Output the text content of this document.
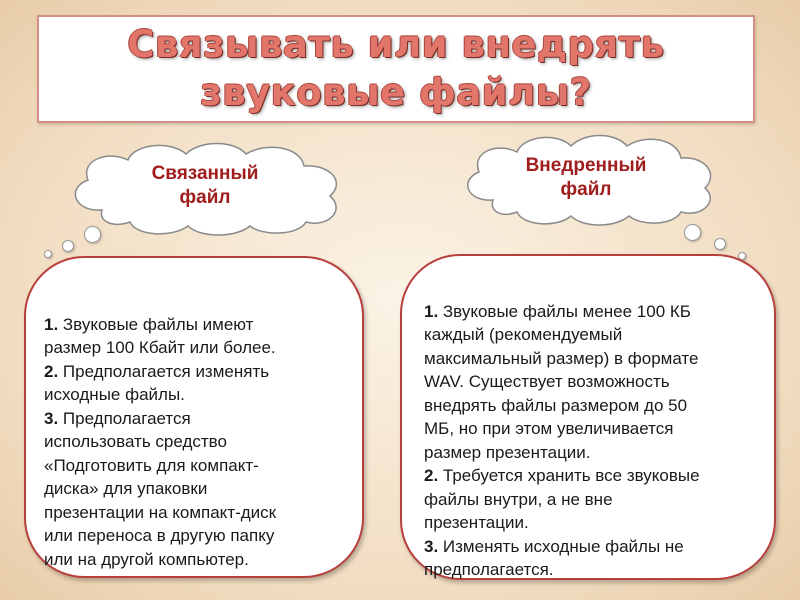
Связывать или внедрять звуковые файлы?
Связанный
файл
Внедренный
файл

1. Звуковые файлы имеют
размер 100 Кбайт или более.
2. Предполагается изменять
исходные файлы.
3. Предполагается
использовать средство
«Подготовить для компакт-
диска» для упаковки
презентации на компакт-диск
или переноса в другую папку
или на другой компьютер.

1. Звуковые файлы менее 100 КБ
каждый (рекомендуемый
максимальный размер) в формате
WAV. Существует возможность
внедрять файлы размером до 50
МБ, но при этом увеличивается
размер презентации.
2. Требуется хранить все звуковые
файлы внутри, а не вне
презентации.
3. Изменять исходные файлы не
предполагается.
